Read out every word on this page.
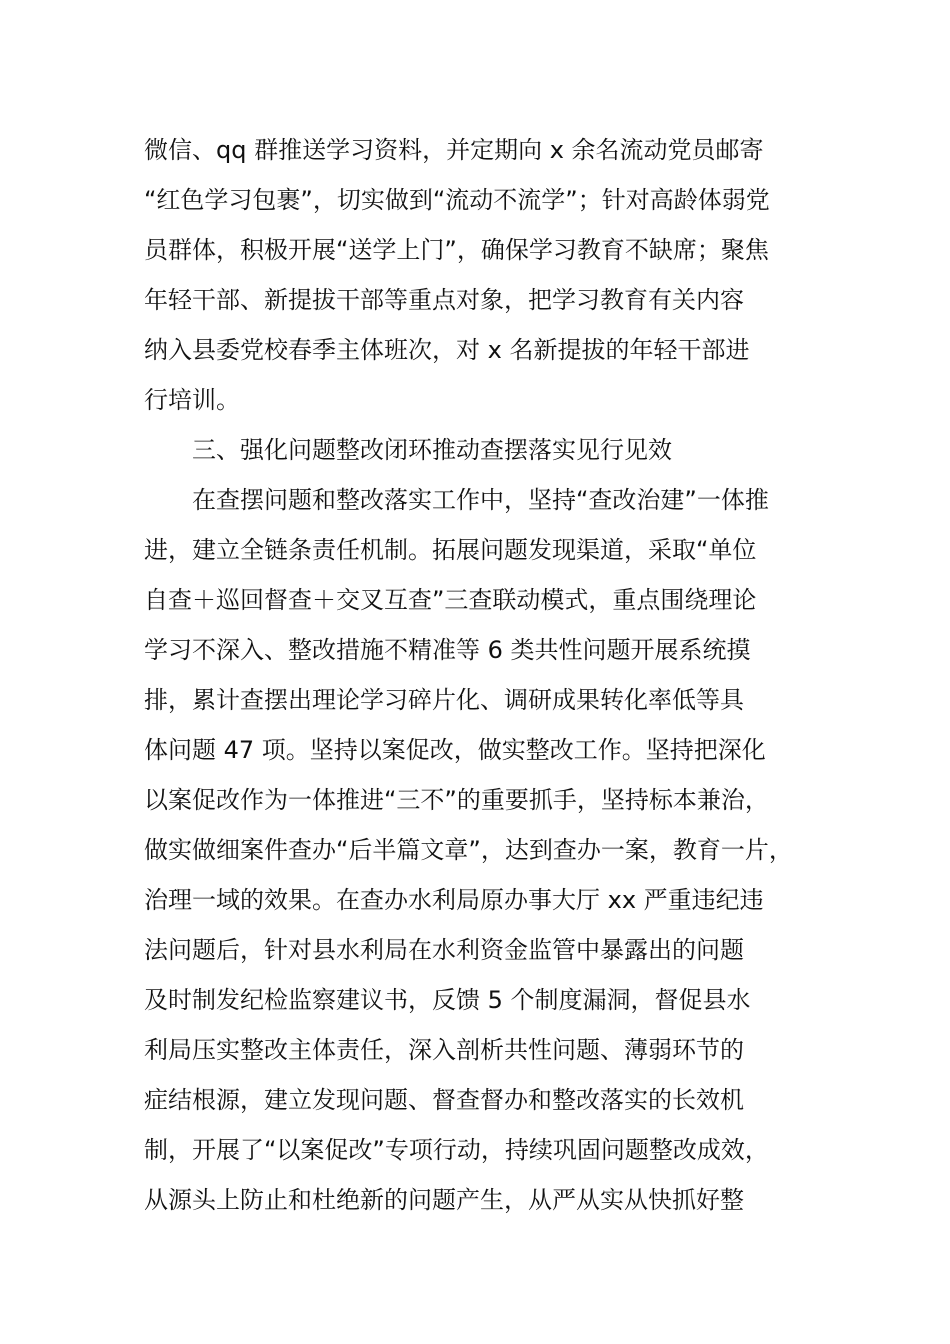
微信、qq 群推送学习资料，并定期向 x 余名流动党员邮寄
“红色学习包裹”，切实做到“流动不流学”；针对高龄体弱党
员群体，积极开展“送学上门”，确保学习教育不缺席；聚焦
年轻干部、新提拔干部等重点对象，把学习教育有关内容
纳入县委党校春季主体班次，对 x 名新提拔的年轻干部进
行培训。
三、强化问题整改闭环推动查摆落实见行见效
在查摆问题和整改落实工作中，坚持“查改治建”一体推
进，建立全链条责任机制。拓展问题发现渠道，采取“单位
自查＋巡回督查＋交叉互查”三查联动模式，重点围绕理论
学习不深入、整改措施不精准等 6 类共性问题开展系统摸
排，累计查摆出理论学习碎片化、调研成果转化率低等具
体问题 47 项。坚持以案促改，做实整改工作。坚持把深化
以案促改作为一体推进“三不”的重要抓手，坚持标本兼治，
做实做细案件查办“后半篇文章”，达到查办一案，教育一片，
治理一域的效果。在查办水利局原办事大厅 xx 严重违纪违
法问题后，针对县水利局在水利资金监管中暴露出的问题
及时制发纪检监察建议书，反馈 5 个制度漏洞，督促县水
利局压实整改主体责任，深入剖析共性问题、薄弱环节的
症结根源，建立发现问题、督查督办和整改落实的长效机
制，开展了“以案促改”专项行动，持续巩固问题整改成效，
从源头上防止和杜绝新的问题产生，从严从实从快抓好整
